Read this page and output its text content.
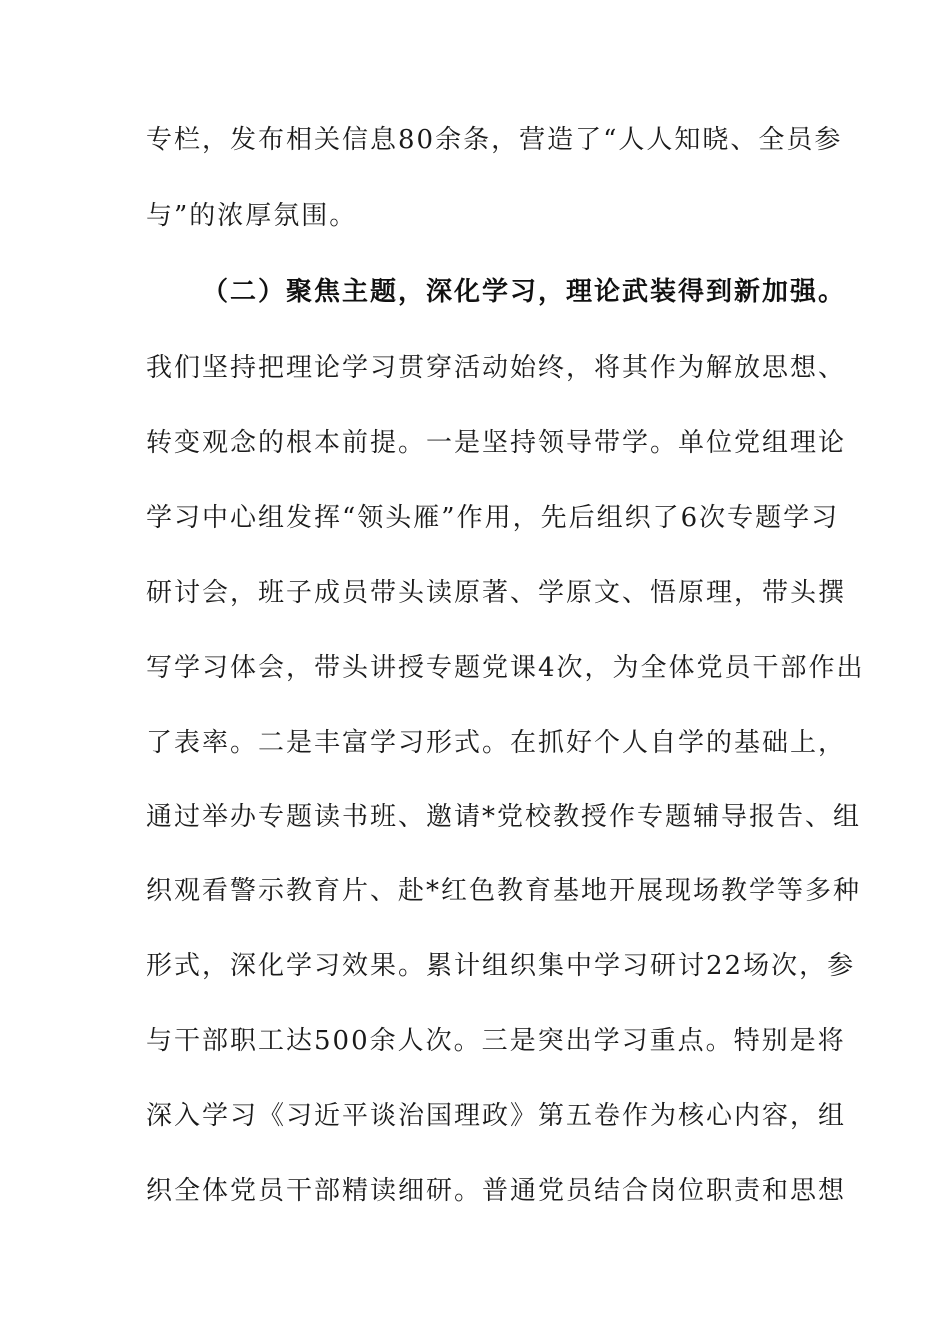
专栏，发布相关信息80余条，营造了“人人知晓、全员参
与”的浓厚氛围。
（二）聚焦主题，深化学习，理论武装得到新加强。
我们坚持把理论学习贯穿活动始终，将其作为解放思想、
转变观念的根本前提。一是坚持领导带学。单位党组理论
学习中心组发挥“领头雁”作用，先后组织了6次专题学习
研讨会，班子成员带头读原著、学原文、悟原理，带头撰
写学习体会，带头讲授专题党课4次，为全体党员干部作出
了表率。二是丰富学习形式。在抓好个人自学的基础上，
通过举办专题读书班、邀请*党校教授作专题辅导报告、组
织观看警示教育片、赴*红色教育基地开展现场教学等多种
形式，深化学习效果。累计组织集中学习研讨22场次，参
与干部职工达500余人次。三是突出学习重点。特别是将
深入学习《习近平谈治国理政》第五卷作为核心内容，组
织全体党员干部精读细研。普通党员结合岗位职责和思想
